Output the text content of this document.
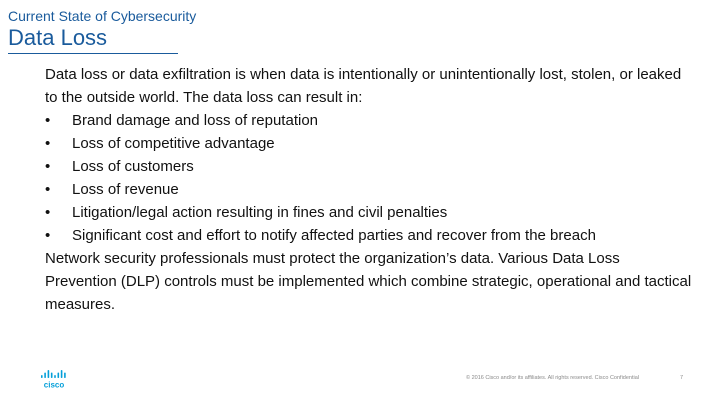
Current State of Cybersecurity
Data Loss

Data loss or data exfiltration is when data is intentionally or unintentionally lost, stolen, or leaked to the outside world. The data loss can result in:

• Brand damage and loss of reputation
• Loss of competitive advantage
• Loss of customers
• Loss of revenue
• Litigation/legal action resulting in fines and civil penalties
• Significant cost and effort to notify affected parties and recover from the breach

Network security professionals must protect the organization’s data. Various Data Loss Prevention (DLP) controls must be implemented which combine strategic, operational and tactical measures.

cisco
© 2016 Cisco and/or its affiliates. All rights reserved. Cisco Confidential	7
